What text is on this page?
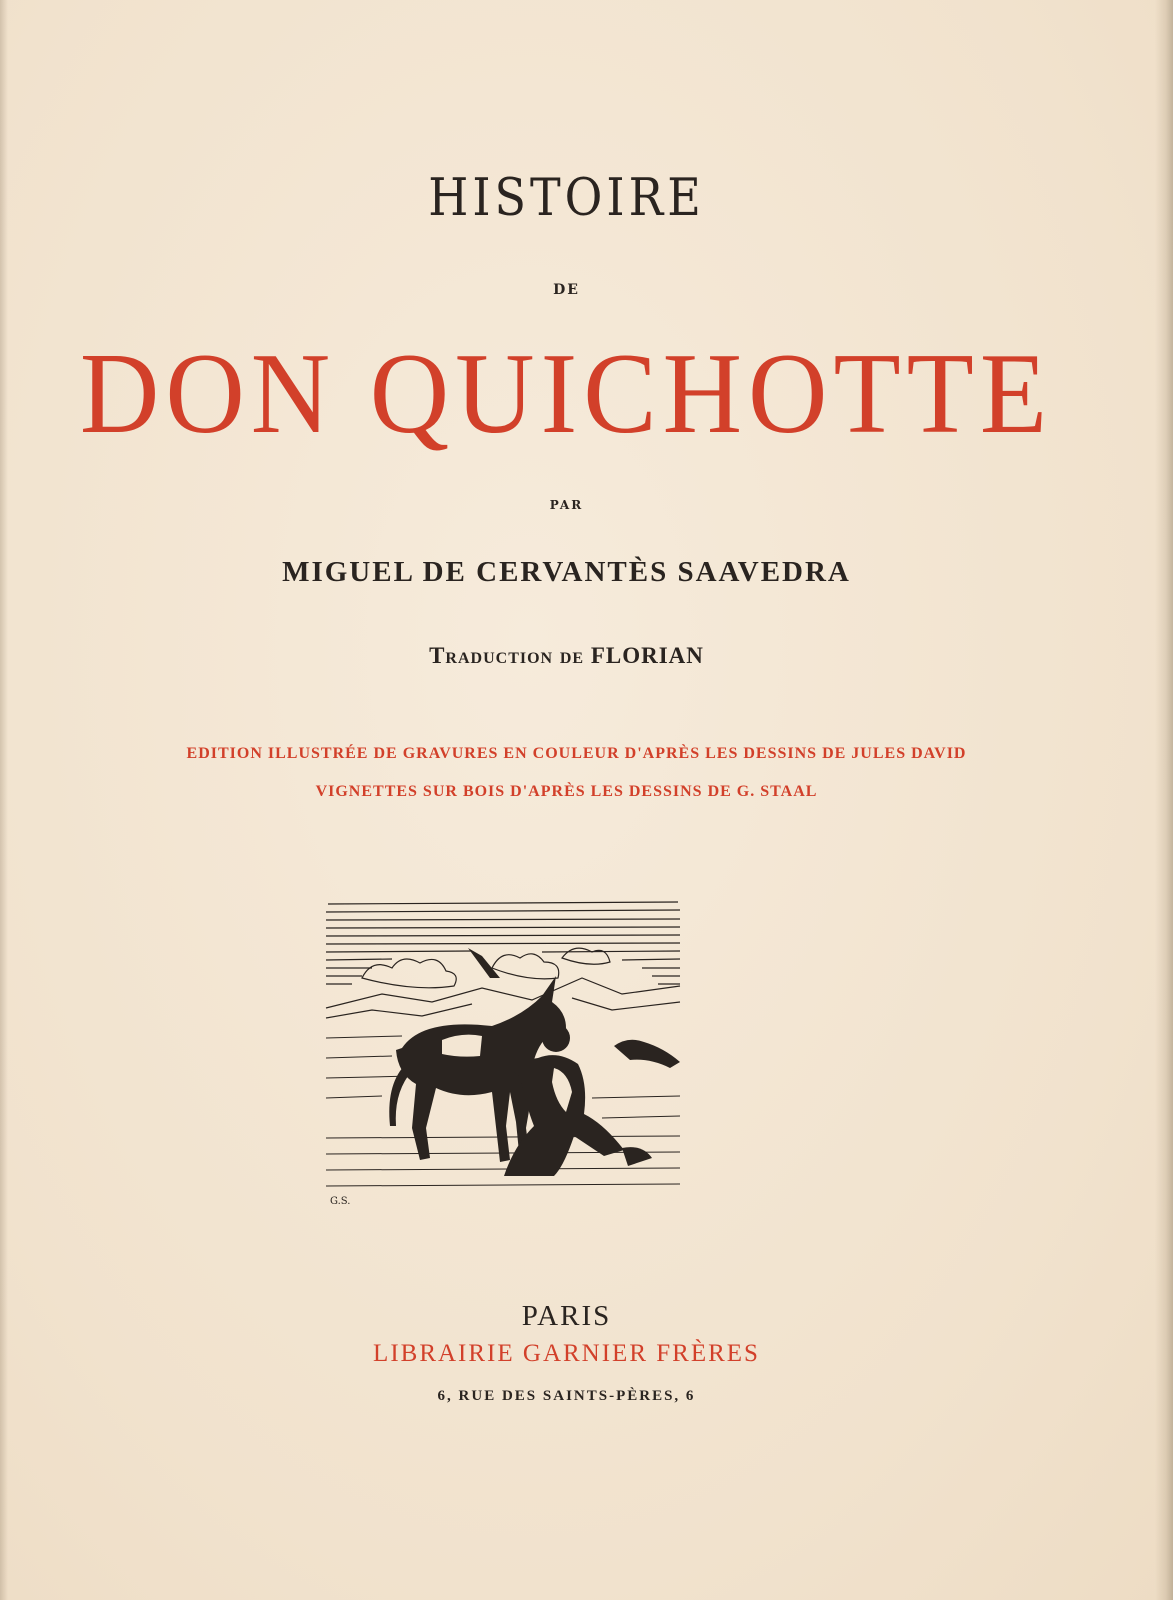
HISTOIRE

DE

DON QUICHOTTE

PAR

MIGUEL DE CERVANTÈS SAAVEDRA

Traduction de FLORIAN

EDITION ILLUSTRÉE DE GRAVURES EN COULEUR D'APRÈS LES DESSINS DE JULES DAVID

VIGNETTES SUR BOIS D'APRÈS LES DESSINS DE G. STAAL

G.S.

PARIS

LIBRAIRIE GARNIER FRÈRES

6, RUE DES SAINTS-PÈRES, 6
